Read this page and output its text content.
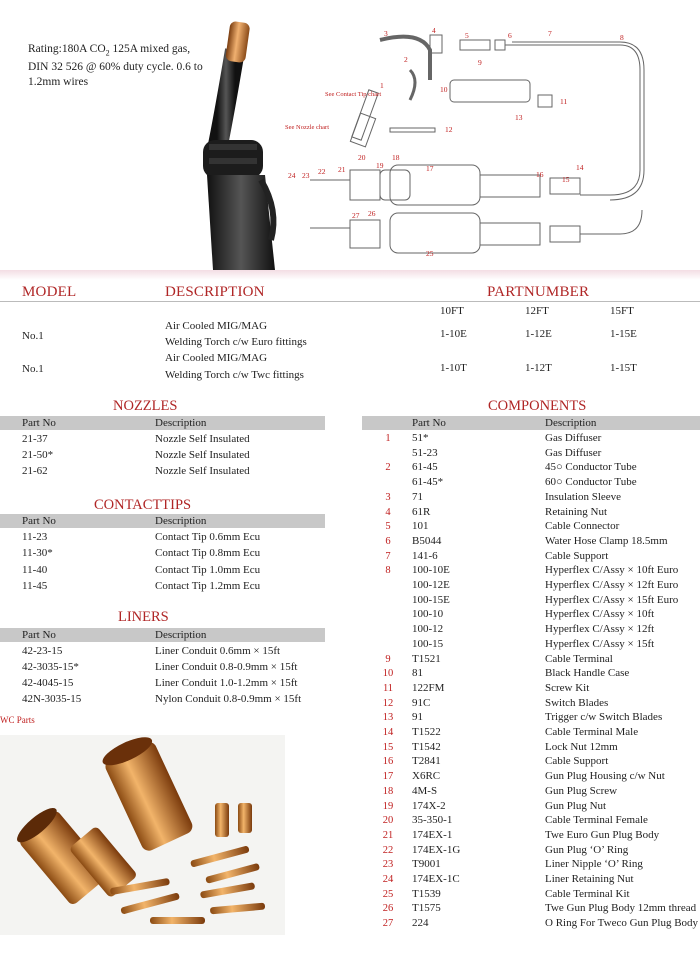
Rating:180A $CO_2$ 125A mixed gas, DIN 32 526 @ 60% duty cycle. 0.6 to 1.2mm wires
3	4
5	6	7	8
2	9
1	10
11
12
13
14
15
16
17
18
19
20
21
22
23
24
25
26
27
See Contact Tip chart
See Nozzle chart
MODEL	DESCRIPTION	PARTNUMBER
10FT	12FT	15FT
No.1
Air Cooled MIG/MAG
Welding Torch c/w Euro fittings
1-10E	1-12E	1-15E
No.1
Air Cooled MIG/MAG
Welding Torch c/w Twc fittings
1-10T	1-12T	1-15T
NOZZLES
Part No	Description
21-37	Nozzle Self Insulated
21-50*	Nozzle Self Insulated
21-62	Nozzle Self Insulated
CONTACTTIPS
Part No	Description
11-23	Contact Tip 0.6mm Ecu
11-30*	Contact Tip 0.8mm Ecu
11-40	Contact Tip 1.0mm Ecu
11-45	Contact Tip 1.2mm Ecu
LINERS
Part No	Description
42-23-15	Liner Conduit 0.6mm × 15ft
42-3035-15*	Liner Conduit 0.8-0.9mm × 15ft
42-4045-15	Liner Conduit 1.0-1.2mm × 15ft
42N-3035-15	Nylon Conduit 0.8-0.9mm × 15ft
WC Parts
COMPONENTS
Part No	Description
1	51*	Gas Diffuser
51-23	Gas Diffuser
2	61-45	45○ Conductor Tube
61-45*	60○ Conductor Tube
3	71	Insulation Sleeve
4	61R	Retaining Nut
5	101	Cable Connector
6	B5044	Water Hose Clamp 18.5mm
7	141-6	Cable Support
8	100-10E	Hyperflex C/Assy × 10ft Euro
100-12E	Hyperflex C/Assy × 12ft Euro
100-15E	Hyperflex C/Assy × 15ft Euro
100-10	Hyperflex C/Assy × 10ft
100-12	Hyperflex C/Assy × 12ft
100-15	Hyperflex C/Assy × 15ft
9	T1521	Cable Terminal
10	81	Black Handle Case
11	122FM	Screw Kit
12	91C	Switch Blades
13	91	Trigger c/w Switch Blades
14	T1522	Cable Terminal Male
15	T1542	Lock Nut 12mm
16	T2841	Cable Support
17	X6RC	Gun Plug Housing c/w Nut
18	4M-S	Gun Plug Screw
19	174X-2	Gun Plug Nut
20	35-350-1	Cable Terminal Female
21	174EX-1	Twe Euro Gun Plug Body
22	174EX-1G	Gun Plug ‘O’ Ring
23	T9001	Liner Nipple ‘O’ Ring
24	174EX-1C	Liner Retaining Nut
25	T1539	Cable Terminal Kit
26	T1575	Twe Gun Plug Body 12mm thread
27	224	O Ring For Tweco Gun Plug Body
